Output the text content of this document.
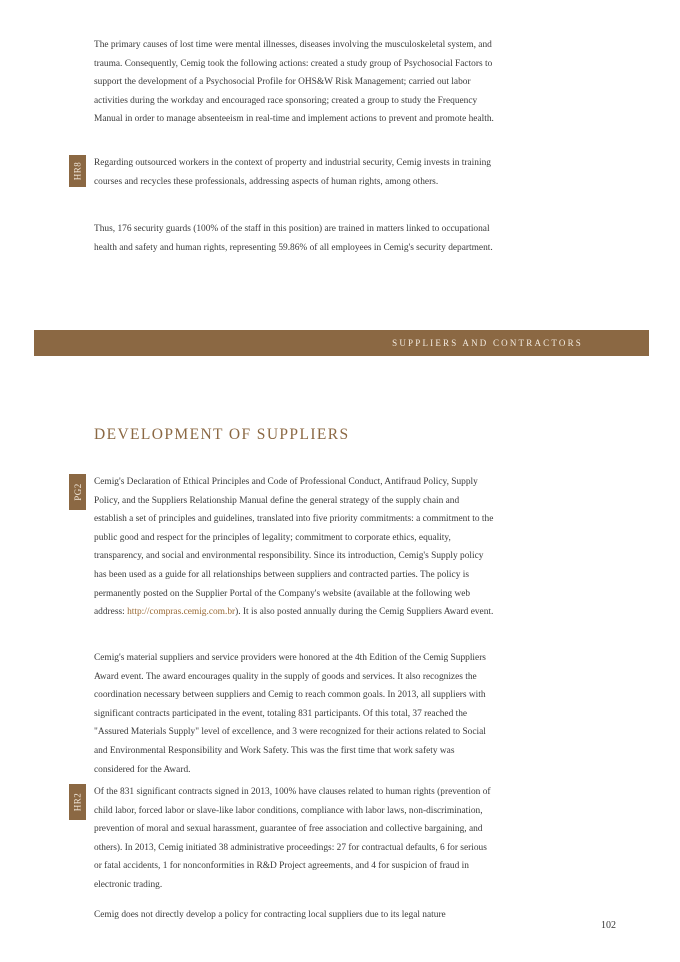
The primary causes of lost time were mental illnesses, diseases involving the musculoskeletal system, and trauma. Consequently, Cemig took the following actions: created a study group of Psychosocial Factors to support the development of a Psychosocial Profile for OHS&W Risk Management; carried out labor activities during the workday and encouraged race sponsoring; created a group to study the Frequency Manual in order to manage absenteeism in real-time and implement actions to prevent and promote health.

HR8 Regarding outsourced workers in the context of property and industrial security, Cemig invests in training courses and recycles these professionals, addressing aspects of human rights, among others.

Thus, 176 security guards (100% of the staff in this position) are trained in matters linked to occupational health and safety and human rights, representing 59.86% of all employees in Cemig's security department.

SUPPLIERS AND CONTRACTORS
DEVELOPMENT OF SUPPLIERS
PG2

Cemig's Declaration of Ethical Principles and Code of Professional Conduct, Antifraud Policy, Supply Policy, and the Suppliers Relationship Manual define the general strategy of the supply chain and establish a set of principles and guidelines, translated into five priority commitments: a commitment to the public good and respect for the principles of legality; commitment to corporate ethics, equality, transparency, and social and environmental responsibility. Since its introduction, Cemig's Supply policy has been used as a guide for all relationships between suppliers and contracted parties. The policy is permanently posted on the Supplier Portal of the Company's website (available at the following web address: http://compras.cemig.com.br). It is also posted annually during the Cemig Suppliers Award event.

Cemig's material suppliers and service providers were honored at the 4th Edition of the Cemig Suppliers Award event. The award encourages quality in the supply of goods and services. It also recognizes the coordination necessary between suppliers and Cemig to reach common goals. In 2013, all suppliers with significant contracts participated in the event, totaling 831 participants. Of this total, 37 reached the "Assured Materials Supply" level of excellence, and 3 were recognized for their actions related to Social and Environmental Responsibility and Work Safety. This was the first time that work safety was considered for the Award.

HR2

Of the 831 significant contracts signed in 2013, 100% have clauses related to human rights (prevention of child labor, forced labor or slave-like labor conditions, compliance with labor laws, non-discrimination, prevention of moral and sexual harassment, guarantee of free association and collective bargaining, and others). In 2013, Cemig initiated 38 administrative proceedings: 27 for contractual defaults, 6 for serious or fatal accidents, 1 for nonconformities in R&D Project agreements, and 4 for suspicion of fraud in electronic trading.

Cemig does not directly develop a policy for contracting local suppliers due to its legal nature

102
